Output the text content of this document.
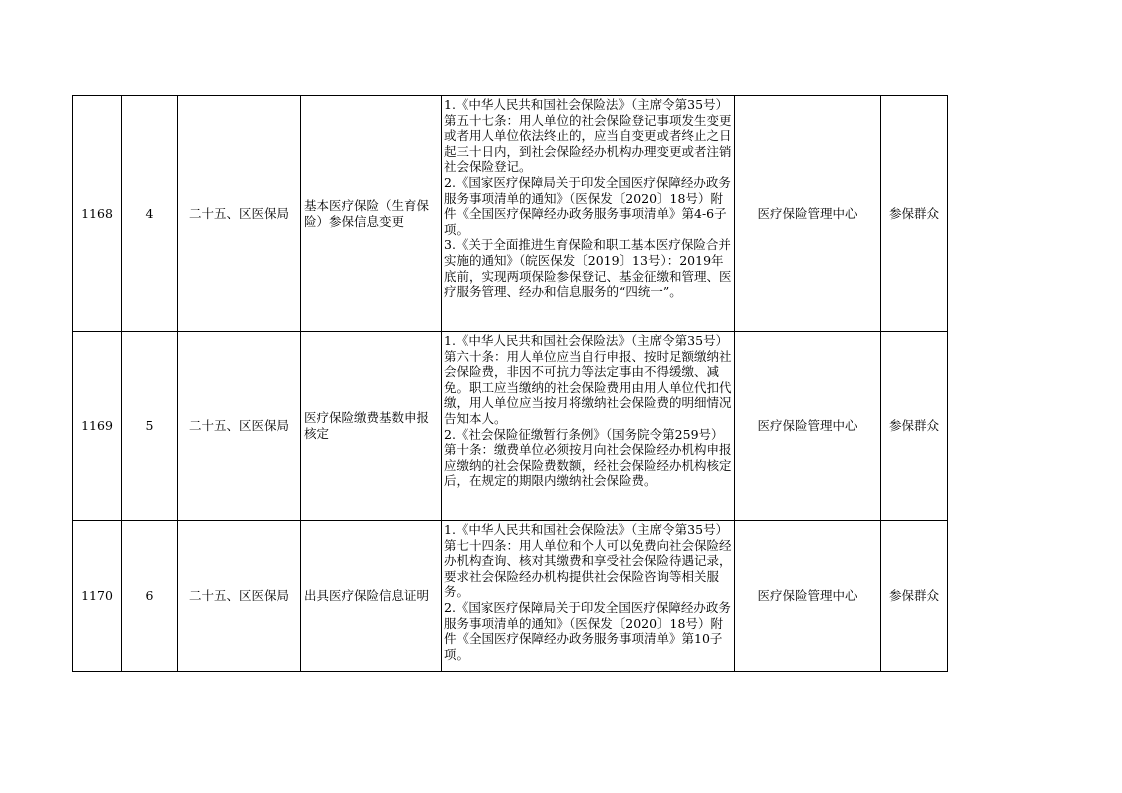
1168	4	二十五、区医保局	基本医疗保险（生育保险）参保信息变更	1.《中华人民共和国社会保险法》（主席令第35号）第五十七条：用人单位的社会保险登记事项发生变更或者用人单位依法终止的，应当自变更或者终止之日起三十日内，到社会保险经办机构办理变更或者注销社会保险登记。

2.《国家医疗保障局关于印发全国医疗保障经办政务服务事项清单的通知》（医保发〔2020〕18号）附件《全国医疗保障经办政务服务事项清单》第4-6子项。

3.《关于全面推进生育保险和职工基本医疗保险合并实施的通知》（皖医保发〔2019〕13号）：2019年底前，实现两项保险参保登记、基金征缴和管理、医疗服务管理、经办和信息服务的“四统一”。	医疗保险管理中心	参保群众
1169	5	二十五、区医保局	医疗保险缴费基数申报核定	1.《中华人民共和国社会保险法》（主席令第35号）第六十条：用人单位应当自行申报、按时足额缴纳社会保险费，非因不可抗力等法定事由不得缓缴、减免。职工应当缴纳的社会保险费用由用人单位代扣代缴，用人单位应当按月将缴纳社会保险费的明细情况告知本人。

2.《社会保险征缴暂行条例》（国务院令第259号）第十条：缴费单位必须按月向社会保险经办机构申报应缴纳的社会保险费数额，经社会保险经办机构核定后，在规定的期限内缴纳社会保险费。	医疗保险管理中心	参保群众
1170	6	二十五、区医保局	出具医疗保险信息证明	1.《中华人民共和国社会保险法》（主席令第35号）第七十四条：用人单位和个人可以免费向社会保险经办机构查询、核对其缴费和享受社会保险待遇记录，要求社会保险经办机构提供社会保险咨询等相关服务。

2.《国家医疗保障局关于印发全国医疗保障经办政务服务事项清单的通知》（医保发〔2020〕18号）附件《全国医疗保障经办政务服务事项清单》第10子项。	医疗保险管理中心	参保群众
